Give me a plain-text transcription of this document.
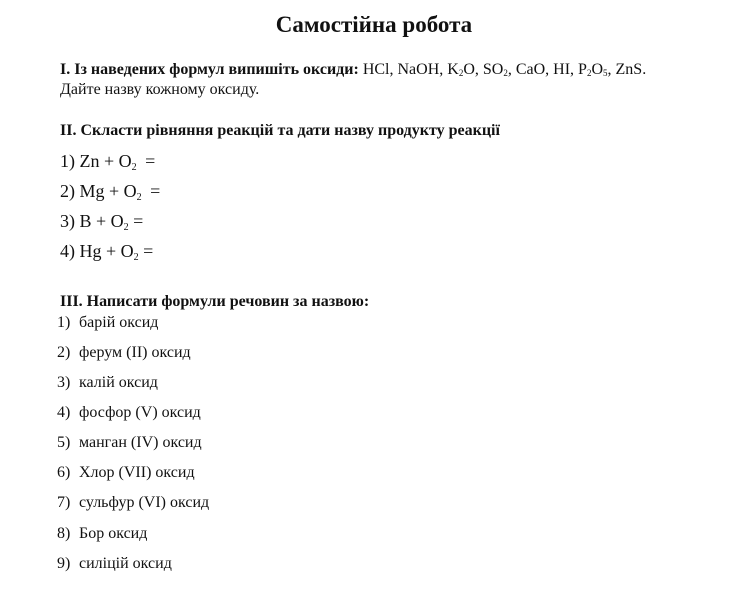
Самостійна робота
I. Із наведених формул випишіть оксиди: HCl, NaOH, $K_2O$, $SO_2$, CaO, HI, $P_2O_5$, ZnS.
Дайте назву кожному оксиду.
II. Скласти рівняння реакцій та дати назву продукту реакції
1) $Zn + O_2$ =
2) $Mg + O_2$ =
3) $B + O_2$ =
4) $Hg + O_2$ =
III. Написати формули речовин за назвою:
1) барій оксид
2) ферум (II) оксид
3) калій оксид
4) фосфор (V) оксид
5) манган (IV) оксид
6) Хлор (VII) оксид
7) сульфур (VI) оксид
8) Бор оксид
9) силіцій оксид
